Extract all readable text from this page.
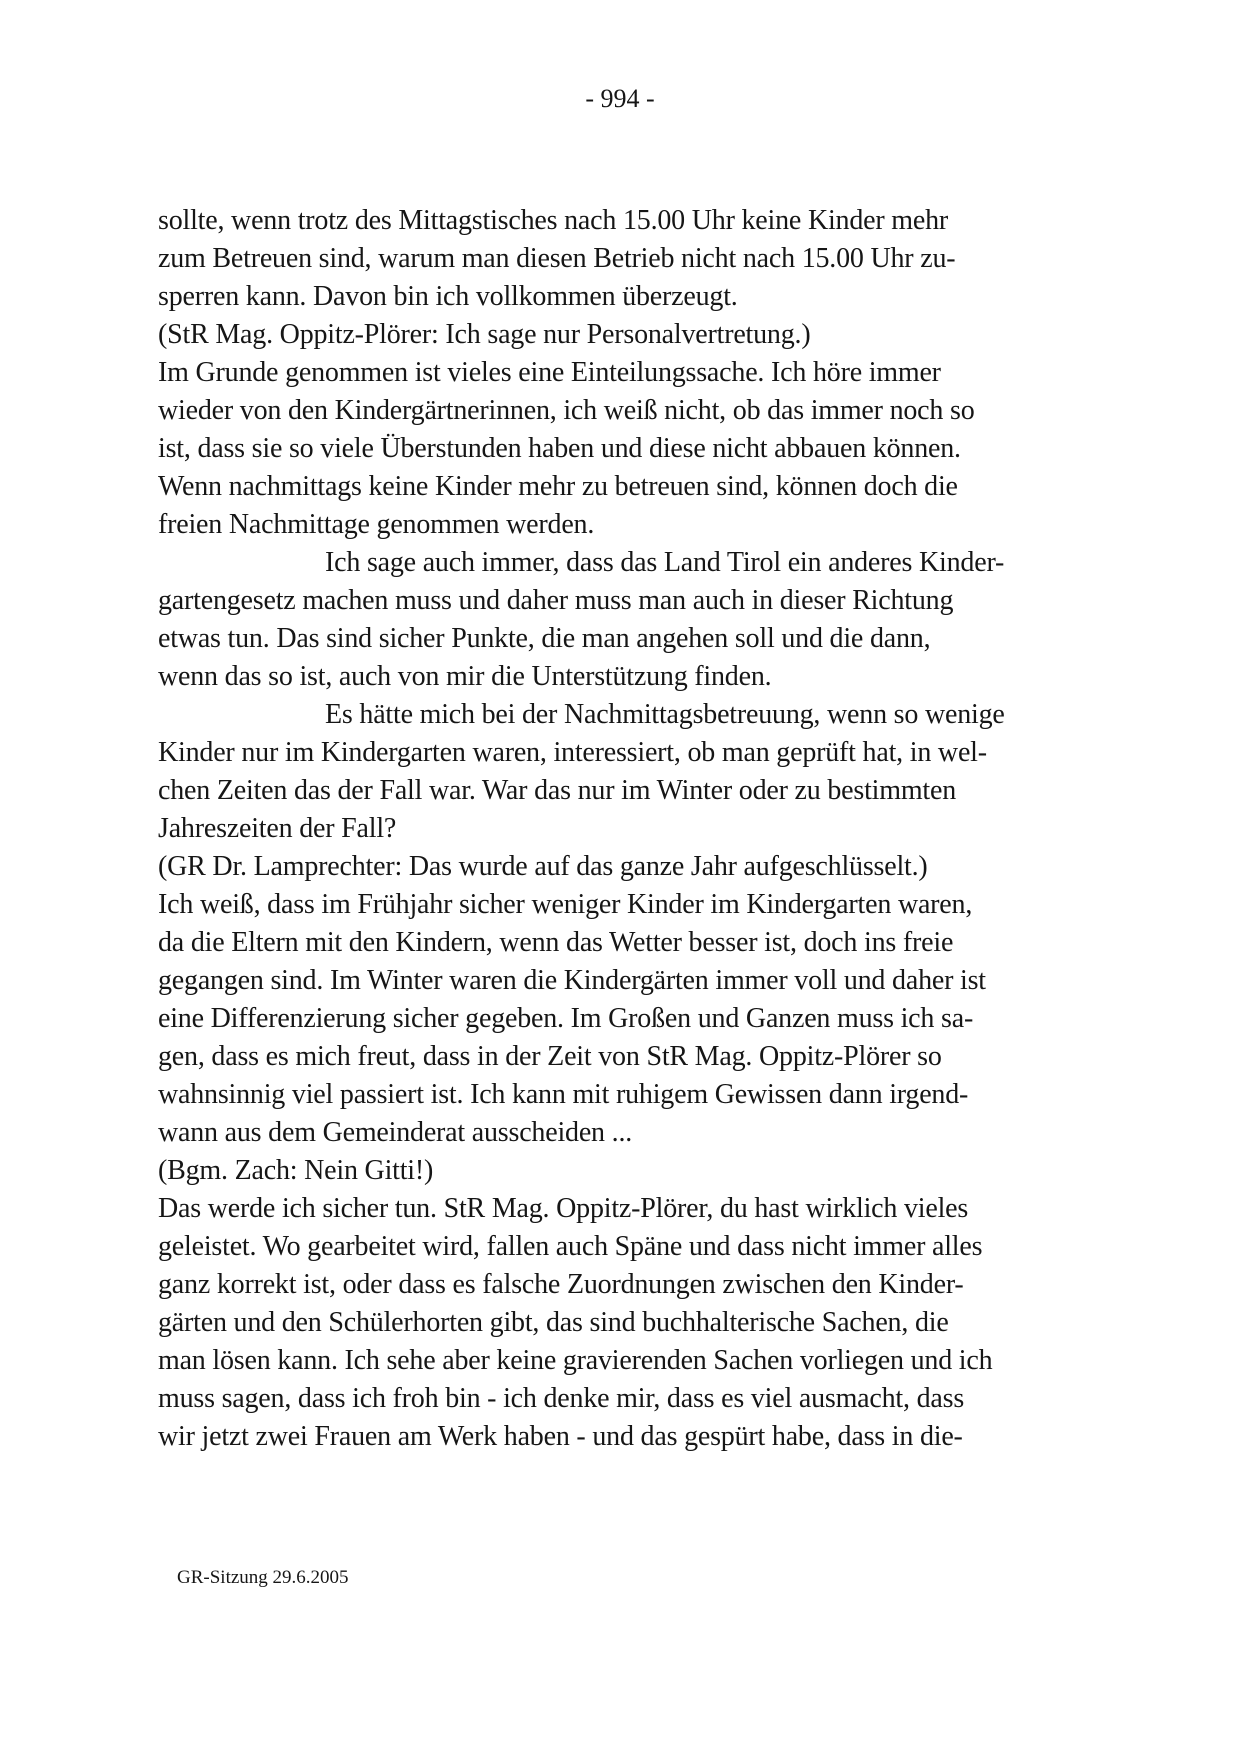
- 994 -
sollte, wenn trotz des Mittagstisches nach 15.00 Uhr keine Kinder mehr
zum Betreuen sind, warum man diesen Betrieb nicht nach 15.00 Uhr zu-
sperren kann. Davon bin ich vollkommen überzeugt.
(StR Mag. Oppitz-Plörer: Ich sage nur Personalvertretung.)
Im Grunde genommen ist vieles eine Einteilungssache. Ich höre immer
wieder von den Kindergärtnerinnen, ich weiß nicht, ob das immer noch so
ist, dass sie so viele Überstunden haben und diese nicht abbauen können.
Wenn nachmittags keine Kinder mehr zu betreuen sind, können doch die
freien Nachmittage genommen werden.
Ich sage auch immer, dass das Land Tirol ein anderes Kinder-
gartengesetz machen muss und daher muss man auch in dieser Richtung
etwas tun. Das sind sicher Punkte, die man angehen soll und die dann,
wenn das so ist, auch von mir die Unterstützung finden.
Es hätte mich bei der Nachmittagsbetreuung, wenn so wenige
Kinder nur im Kindergarten waren, interessiert, ob man geprüft hat, in wel-
chen Zeiten das der Fall war. War das nur im Winter oder zu bestimmten
Jahreszeiten der Fall?
(GR Dr. Lamprechter: Das wurde auf das ganze Jahr aufgeschlüsselt.)
Ich weiß, dass im Frühjahr sicher weniger Kinder im Kindergarten waren,
da die Eltern mit den Kindern, wenn das Wetter besser ist, doch ins freie
gegangen sind. Im Winter waren die Kindergärten immer voll und daher ist
eine Differenzierung sicher gegeben. Im Großen und Ganzen muss ich sa-
gen, dass es mich freut, dass in der Zeit von StR Mag. Oppitz-Plörer so
wahnsinnig viel passiert ist. Ich kann mit ruhigem Gewissen dann irgend-
wann aus dem Gemeinderat ausscheiden ...
(Bgm. Zach: Nein Gitti!)
Das werde ich sicher tun. StR Mag. Oppitz-Plörer, du hast wirklich vieles
geleistet. Wo gearbeitet wird, fallen auch Späne und dass nicht immer alles
ganz korrekt ist, oder dass es falsche Zuordnungen zwischen den Kinder-
gärten und den Schülerhorten gibt, das sind buchhalterische Sachen, die
man lösen kann. Ich sehe aber keine gravierenden Sachen vorliegen und ich
muss sagen, dass ich froh bin - ich denke mir, dass es viel ausmacht, dass
wir jetzt zwei Frauen am Werk haben - und das gespürt habe, dass in die-
GR-Sitzung 29.6.2005
